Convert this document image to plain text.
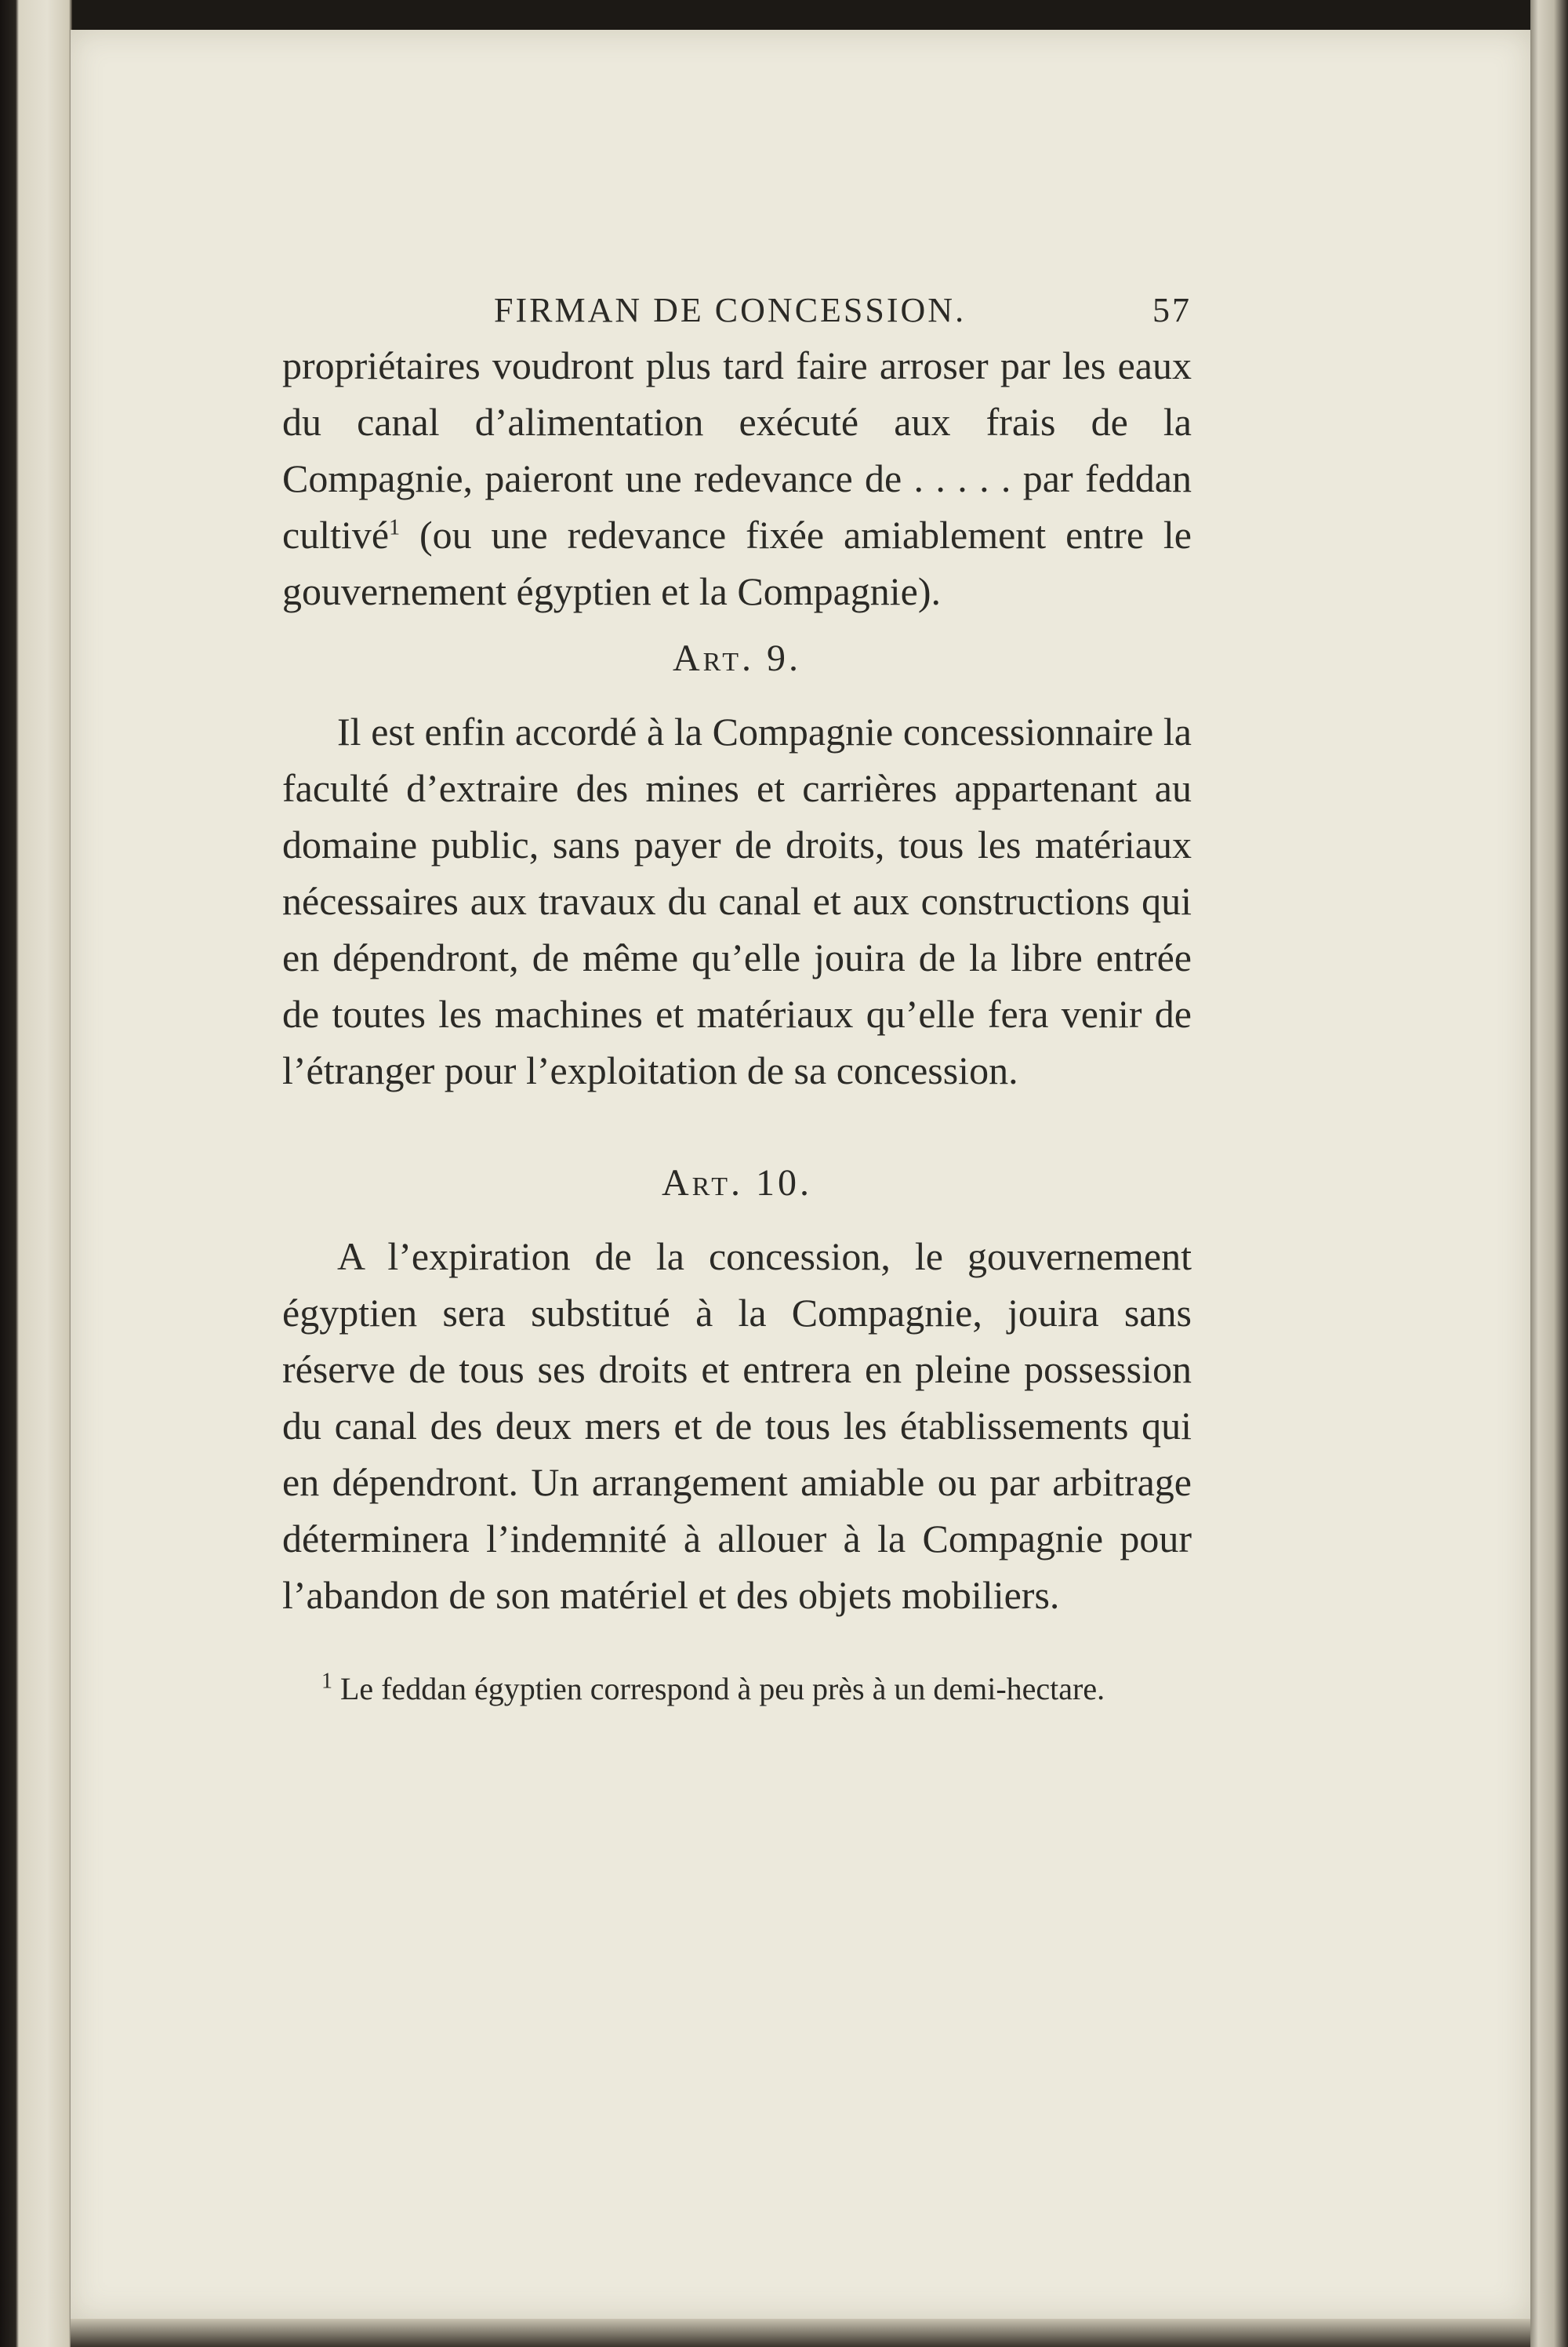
FIRMAN DE CONCESSION.	57

propriétaires voudront plus tard faire arroser par les eaux du canal d’alimentation exécuté aux frais de la Compagnie, paieront une redevance de . . . . . par feddan cultivé$^1$ (ou une redevance fixée amiablement entre le gouvernement égyptien et la Compagnie).

Art. 9.

Il est enfin accordé à la Compagnie concessionnaire la faculté d’extraire des mines et carrières appartenant au domaine public, sans payer de droits, tous les matériaux nécessaires aux travaux du canal et aux constructions qui en dépendront, de même qu’elle jouira de la libre entrée de toutes les machines et matériaux qu’elle fera venir de l’étranger pour l’exploitation de sa concession.

Art. 10.

A l’expiration de la concession, le gouvernement égyptien sera substitué à la Compagnie, jouira sans réserve de tous ses droits et entrera en pleine possession du canal des deux mers et de tous les établissements qui en dépendront. Un arrangement amiable ou par arbitrage déterminera l’indemnité à allouer à la Compagnie pour l’abandon de son matériel et des objets mobiliers.

$^1$ Le feddan égyptien correspond à peu près à un demi-hectare.
